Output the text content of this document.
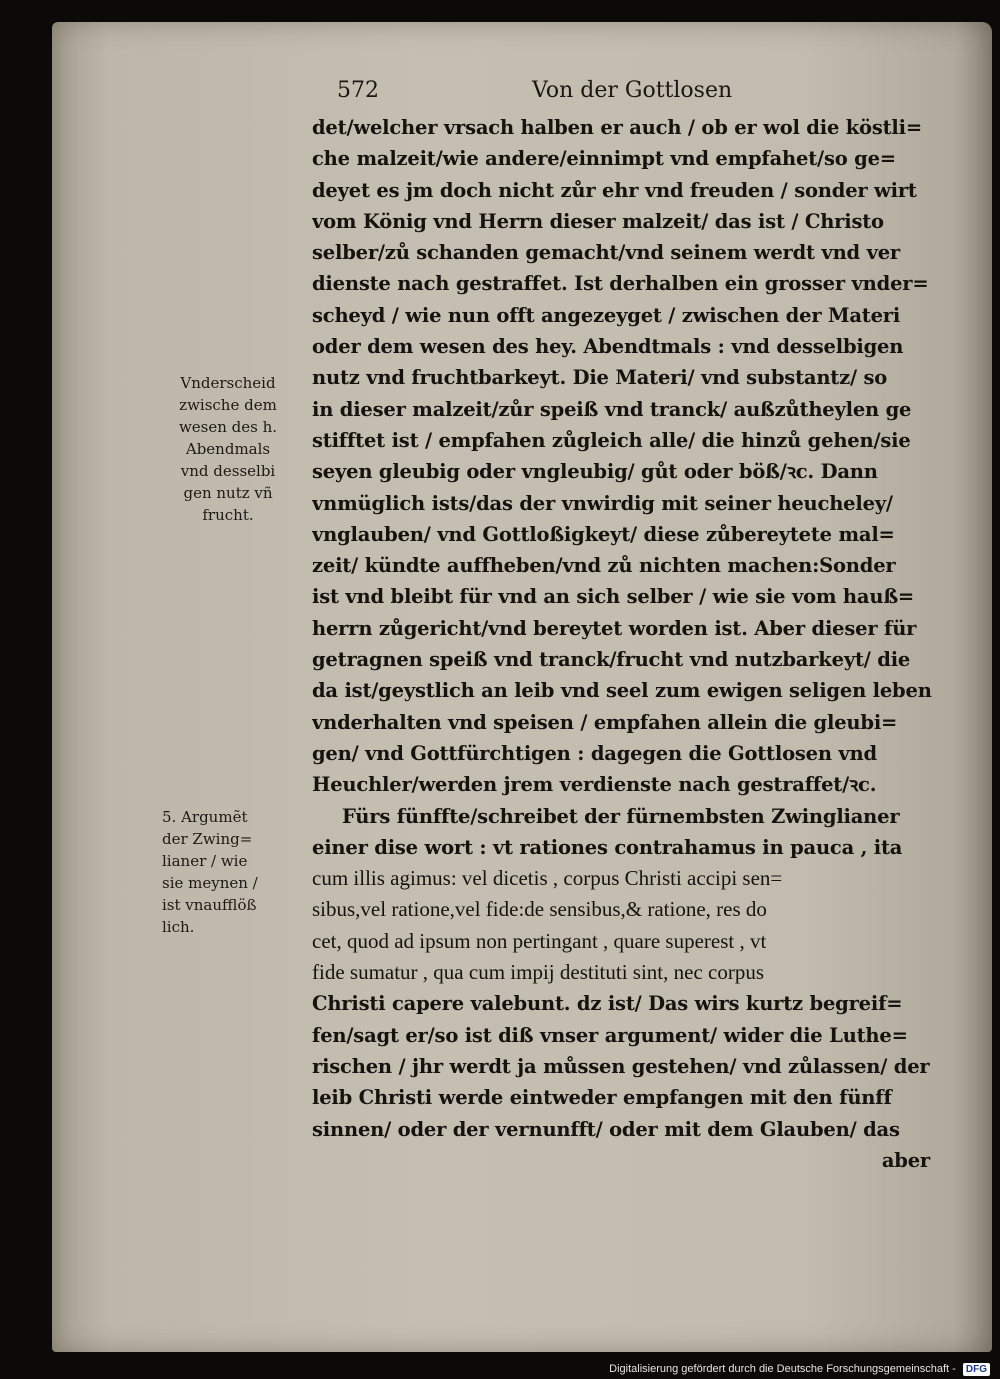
572	Von der Gottlosen
det/welcher vrsach halben er auch / ob er wol die köstli=
che malzeit/wie andere/einnimpt vnd empfahet/so ge=
deyet es jm doch nicht zůr ehr vnd freuden / sonder wirt
vom König vnd Herrn dieser malzeit/ das ist / Christo
selber/zů schanden gemacht/vnd seinem werdt vnd ver
dienste nach gestraffet. Ist derhalben ein grosser vnder=
scheyd / wie nun offt angezeyget / zwischen der Materi
oder dem wesen des hey. Abendtmals : vnd desselbigen
nutz vnd fruchtbarkeyt. Die Materi/ vnd substantz/ so
in dieser malzeit/zůr speiß vnd tranck/ außzůtheylen ge
stifftet ist / empfahen zůgleich alle/ die hinzů gehen/sie
seyen gleubig oder vngleubig/ gůt oder böß/ꝛc. Dann
vnmüglich ists/das der vnwirdig mit seiner heucheley/
vnglauben/ vnd Gottloßigkeyt/ diese zůbereytete mal=
zeit/ kündte auffheben/vnd zů nichten machen:Sonder
ist vnd bleibt für vnd an sich selber / wie sie vom hauß=
herrn zůgericht/vnd bereytet worden ist. Aber dieser für
getragnen speiß vnd tranck/frucht vnd nutzbarkeyt/ die
da ist/geystlich an leib vnd seel zum ewigen seligen leben
vnderhalten vnd speisen / empfahen allein die gleubi=
gen/ vnd Gottfürchtigen : dagegen die Gottlosen vnd
Heuchler/werden jrem verdienste nach gestraffet/ꝛc.
Fürs fünffte/schreibet der fürnembsten Zwinglianer
einer dise wort : vt rationes contrahamus in pauca , ita
cum illis agimus: vel dicetis , corpus Christi accipi sen=
sibus,vel ratione,vel fide:de sensibus,& ratione, res do
cet, quod ad ipsum non pertingant , quare superest , vt
fide sumatur , qua cum impij destituti sint, nec corpus
Christi capere valebunt. dz ist/ Das wirs kurtz begreif=
fen/sagt er/so ist diß vnser argument/ wider die Luthe=
rischen / jhr werdt ja můssen gestehen/ vnd zůlassen/ der
leib Christi werde eintweder empfangen mit den fünff
sinnen/ oder der vernunfft/ oder mit dem Glauben/ das
aber
Vnderscheid
zwische dem
wesen des h.
Abendmals
vnd desselbi
gen nutz vñ
frucht.
5. Argumẽt
der Zwing=
lianer / wie
sie meynen /
ist vnaufflöß
lich.
Digitalisierung gefördert durch die Deutsche Forschungsgemeinschaft - DFG
